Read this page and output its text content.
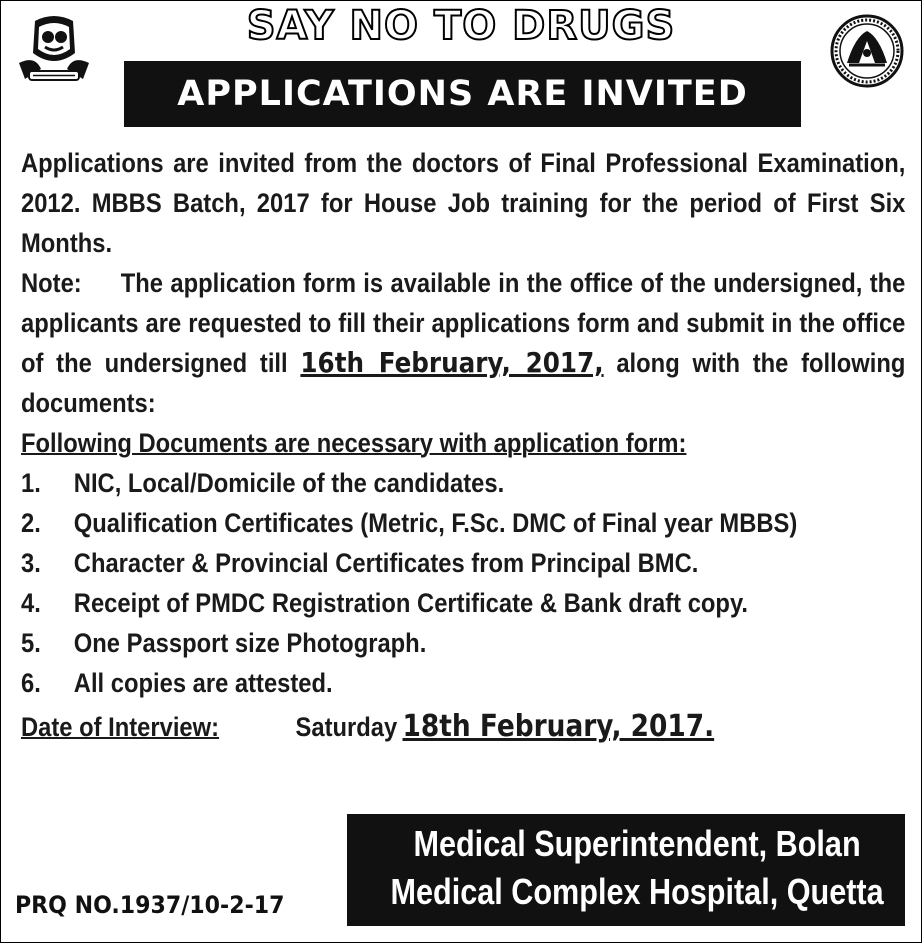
SAY NO TO DRUGS
APPLICATIONS ARE INVITED
Applications are invited from the doctors of Final Professional Examination, 2012. MBBS Batch, 2017 for House Job training for the period of First Six Months.
Note: The application form is available in the office of the undersigned, the applicants are requested to fill their applications form and submit in the office of the undersigned till 16th February, 2017, along with the following documents:
Following Documents are necessary with application form:
1.	NIC, Local/Domicile of the candidates.
2.	Qualification Certificates (Metric, F.Sc. DMC of Final year MBBS)
3.	Character & Provincial Certificates from Principal BMC.
4.	Receipt of PMDC Registration Certificate & Bank draft copy.
5.	One Passport size Photograph.
6.	All copies are attested.
Date of Interview:	Saturday 18th February, 2017.
Medical Superintendent, Bolan
Medical Complex Hospital, Quetta
PRQ NO.1937/10-2-17
